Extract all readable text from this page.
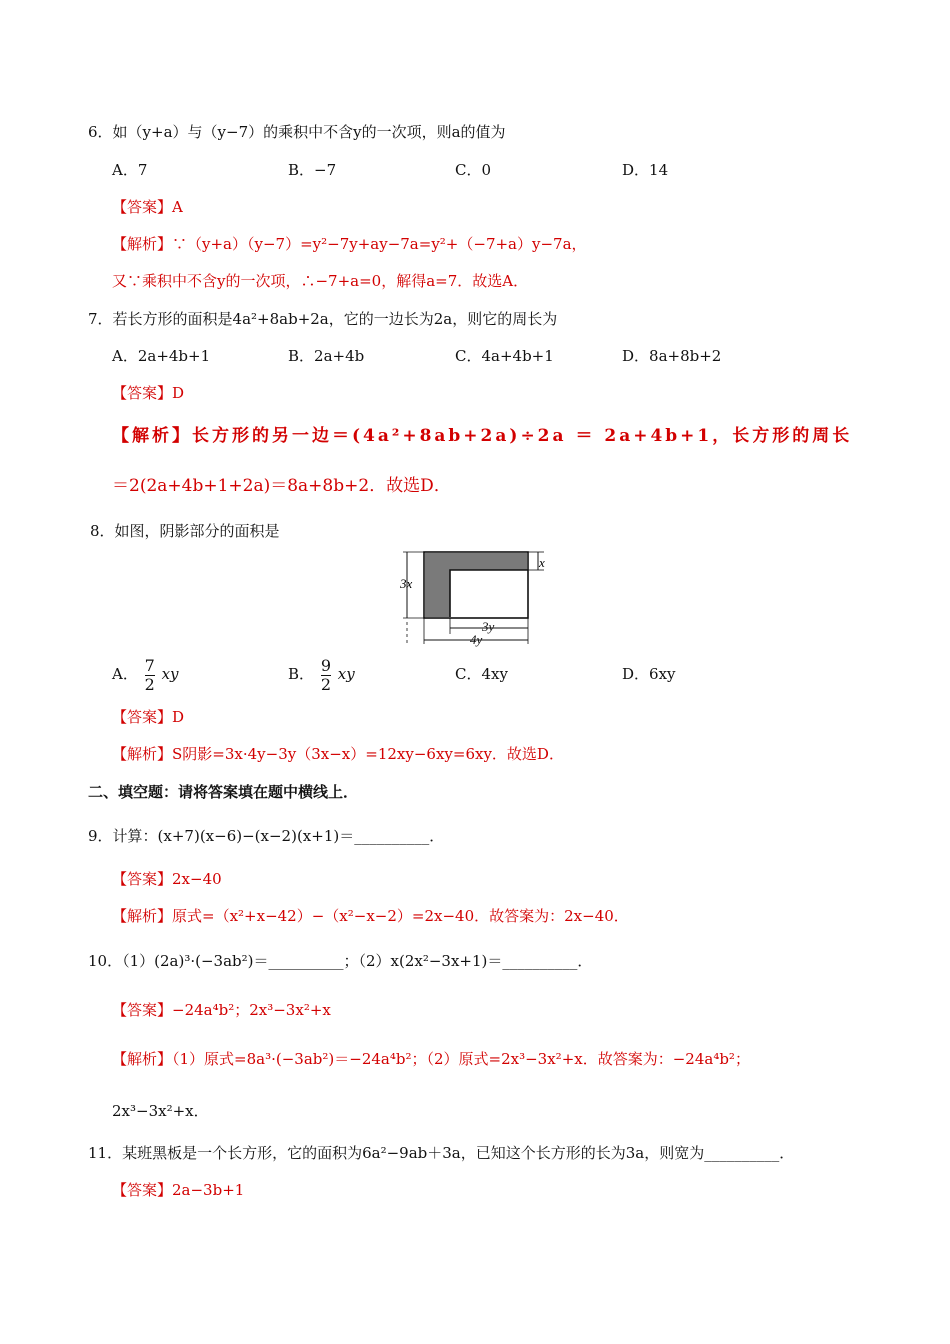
6．如（y+a）与（y−7）的乘积中不含y的一次项，则a的值为
A．7	B．−7	C．0	D．14
【答案】A
【解析】∵（y+a）（y−7）=y²−7y+ay−7a=y²+（−7+a）y−7a，
又∵乘积中不含y的一次项，∴−7+a=0，解得a=7．故选A．
7．若长方形的面积是4a²+8ab+2a，它的一边长为2a，则它的周长为
A．2a+4b+1	B．2a+4b	C．4a+4b+1	D．8a+8b+2
【答案】D
【解析】长方形的另一边＝(4a²+8ab+2a)÷2a ＝ 2a+4b+1，长方形的周长
＝2(2a+4b+1+2a)＝8a+8b+2．故选D．
8．如图，阴影部分的面积是
3x
x
3y
4y
A． $\frac{7}{2}$ xy	B． $\frac{9}{2}$ xy	C．4xy	D．6xy
【答案】D
【解析】S阴影=3x·4y−3y（3x−x）=12xy−6xy=6xy．故选D．
二、填空题：请将答案填在题中横线上．
9．计算：(x+7)(x−6)−(x−2)(x+1)＝__________．
【答案】2x−40
【解析】原式=（x²+x−42）−（x²−x−2）=2x−40．故答案为：2x−40．
10．（1）(2a)³·(−3ab²)＝__________；（2）x(2x²−3x+1)＝__________．
【答案】−24a⁴b²；2x³−3x²+x
【解析】（1）原式=8a³·(−3ab²)＝−24a⁴b²；（2）原式=2x³−3x²+x．故答案为：−24a⁴b²；
2x³−3x²+x．
11．某班黑板是一个长方形，它的面积为6a²−9ab＋3a，已知这个长方形的长为3a，则宽为__________．
【答案】2a−3b+1
